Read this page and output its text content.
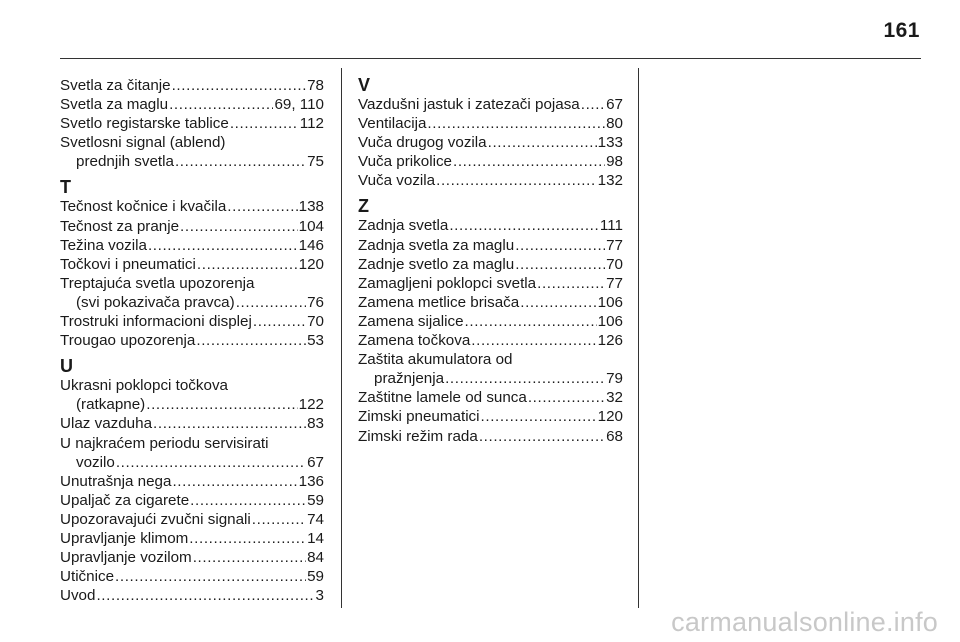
161
Svetla za čitanje . . .	78
Svetla za maglu . . .	69, 110
Svetlo registarske tablice . . .	112
Svetlosni signal (ablend)
prednjih svetla . . .	75
T
Tečnost kočnice i kvačila . . .	138
Tečnost za pranje . . .	104
Težina vozila . . .	146
Točkovi i pneumatici . . .	120
Treptajuća svetla upozorenja
(svi pokazivača pravca) . . .	76
Trostruki informacioni displej . . .	70
Trougao upozorenja . . .	53
U
Ukrasni poklopci točkova
(ratkapne) . . .	122
Ulaz vazduha . . .	83
U najkraćem periodu servisirati
vozilo . . .	67
Unutrašnja nega . . .	136
Upaljač za cigarete . . .	59
Upozoravajući zvučni signali . . .	74
Upravljanje klimom . . .	14
Upravljanje vozilom . . .	84
Utičnice . . .	59
Uvod . . .	3
V
Vazdušni jastuk i zatezači pojasa . . . 67
Ventilacija . . .	80
Vuča drugog vozila . . .	133
Vuča prikolice . . .	98
Vuča vozila . . .	132
Z
Zadnja svetla . . .	111
Zadnja svetla za maglu . . .	77
Zadnje svetlo za maglu . . .	70
Zamagljeni poklopci svetla . . .	77
Zamena metlice brisača . . .	106
Zamena sijalice . . .	106
Zamena točkova . . .	126
Zaštita akumulatora od
pražnjenja . . .	79
Zaštitne lamele od sunca . . .	32
Zimski pneumatici . . .	120
Zimski režim rada . . .	68
carmanualsonline.info
